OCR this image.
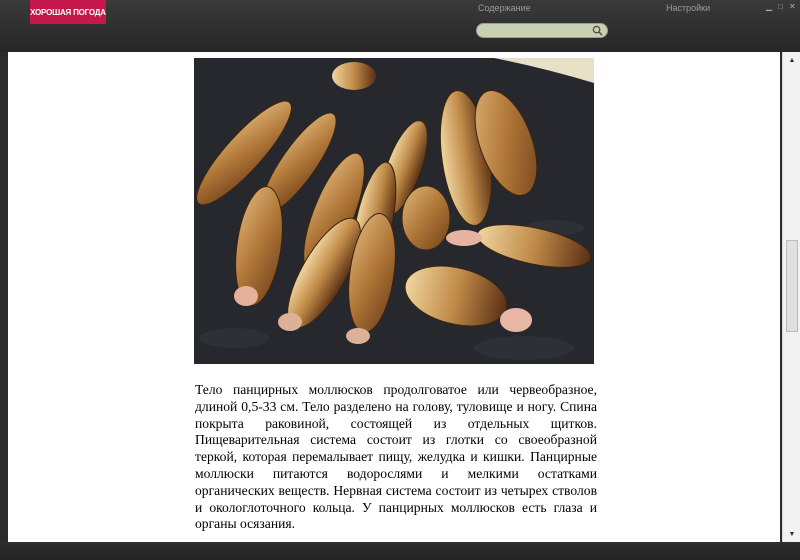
ХОРОШАЯ ПОГОДА	Содержание	Настройки	▁ □ ✕

Тело панцирных моллюсков продолговатое или червеобразное, длиной 0,5-33 см. Тело разделено на голову, туловище и ногу. Спина покрыта раковиной, состоящей из отдельных щитков. Пищеварительная система состоит из глотки со своеобразной теркой, которая перемалывает пищу, желудка и кишки. Панцирные моллюски питаются водорослями и мелкими остатками органических веществ. Нервная система состоит из четырех стволов и окологлоточного кольца. У панцирных моллюсков есть глаза и органы осязания.

▲
▼
